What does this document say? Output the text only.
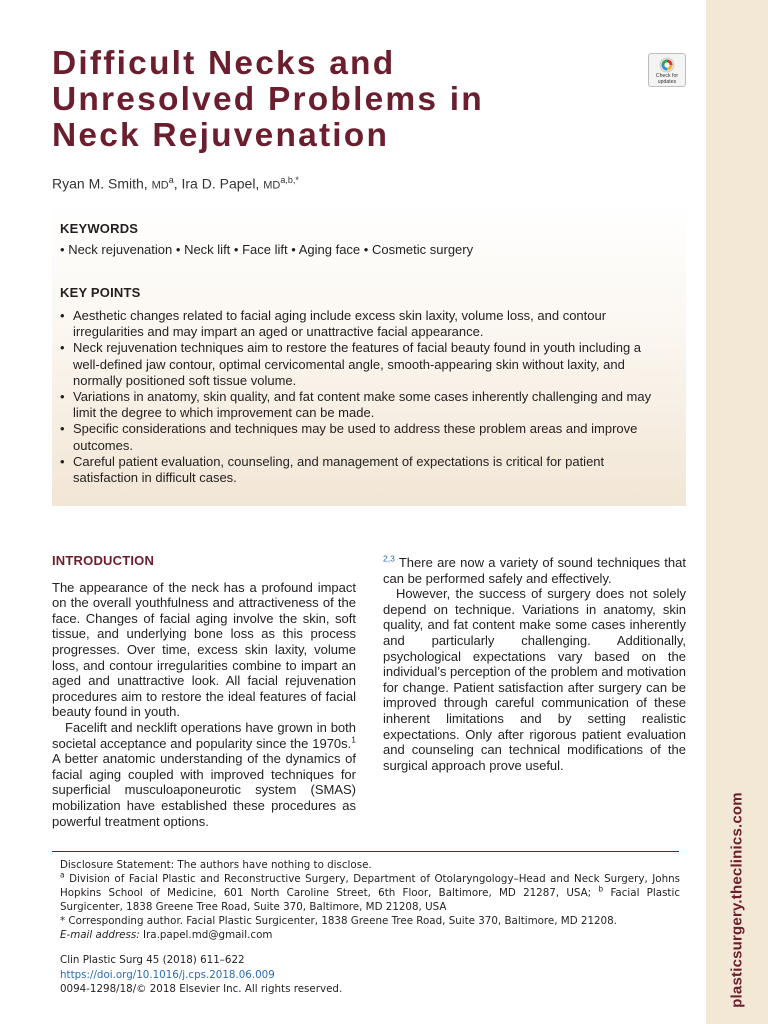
plasticsurgery.theclinics.com
Difficult Necks and
Unresolved Problems in
Neck Rejuvenation
Check for updates

Ryan M. Smith, $MD^a$, Ira D. Papel, $MD^{a,b,*}$

KEYWORDS

• Neck rejuvenation • Neck lift • Face lift • Aging face • Cosmetic surgery

KEY POINTS
• Aesthetic changes related to facial aging include excess skin laxity, volume loss, and contour irregularities and may impart an aged or unattractive facial appearance.
• Neck rejuvenation techniques aim to restore the features of facial beauty found in youth including a well-defined jaw contour, optimal cervicomental angle, smooth-appearing skin without laxity, and normally positioned soft tissue volume.
• Variations in anatomy, skin quality, and fat content make some cases inherently challenging and may limit the degree to which improvement can be made.
• Specific considerations and techniques may be used to address these problem areas and improve outcomes.
• Careful patient evaluation, counseling, and management of expectations is critical for patient satisfaction in difficult cases.
INTRODUCTION

The appearance of the neck has a profound impact on the overall youthfulness and attractiveness of the face. Changes of facial aging involve the skin, soft tissue, and underlying bone loss as this process progresses. Over time, excess skin laxity, volume loss, and contour irregularities combine to impart an aged and unattractive look. All facial rejuvenation procedures aim to restore the ideal features of facial beauty found in youth.

Facelift and necklift operations have grown in both societal acceptance and popularity since the 1970s.$^1$ A better anatomic understanding of the dynamics of facial aging coupled with improved techniques for superficial musculoaponeurotic system (SMAS) mobilization have established these procedures as powerful treatment options.

$^{2,3}$ There are now a variety of sound techniques that can be performed safely and effectively.

However, the success of surgery does not solely depend on technique. Variations in anatomy, skin quality, and fat content make some cases inherently and particularly challenging. Additionally, psychological expectations vary based on the individual’s perception of the problem and motivation for change. Patient satisfaction after surgery can be improved through careful communication of these inherent limitations and by setting realistic expectations. Only after rigorous patient evaluation and counseling can technical modifications of the surgical approach prove useful.

Disclosure Statement: The authors have nothing to disclose.

$^a$ Division of Facial Plastic and Reconstructive Surgery, Department of Otolaryngology–Head and Neck Surgery, Johns Hopkins School of Medicine, 601 North Caroline Street, 6th Floor, Baltimore, MD 21287, USA; $^b$ Facial Plastic Surgicenter, 1838 Greene Tree Road, Suite 370, Baltimore, MD 21208, USA

* Corresponding author. Facial Plastic Surgicenter, 1838 Greene Tree Road, Suite 370, Baltimore, MD 21208.

E-mail address: Ira.papel.md@gmail.com

Clin Plastic Surg 45 (2018) 611–622

https://doi.org/10.1016/j.cps.2018.06.009

0094-1298/18/© 2018 Elsevier Inc. All rights reserved.
